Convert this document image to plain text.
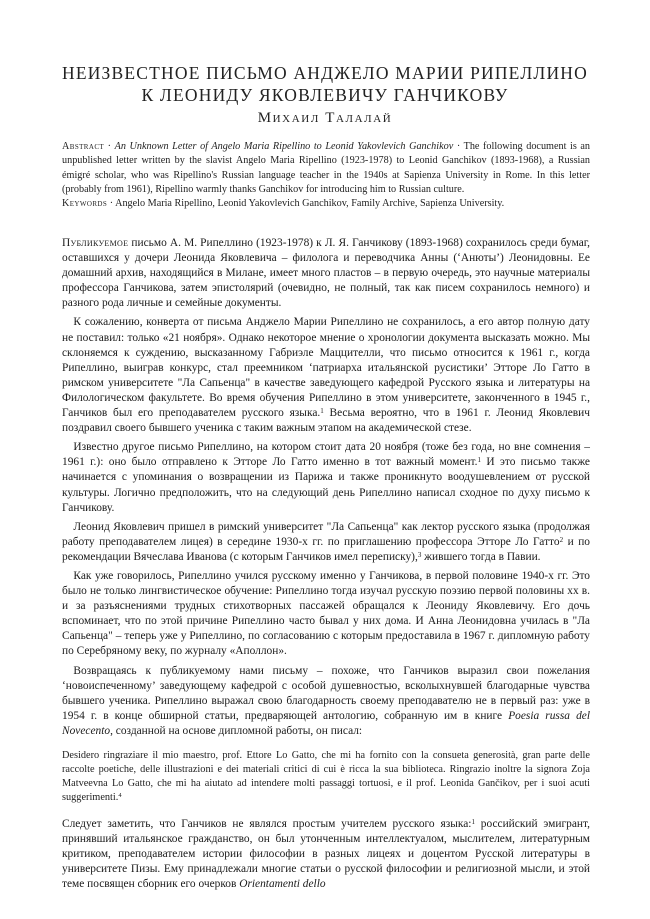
НЕИЗВЕСТНОЕ ПИСЬМО АНДЖЕЛО МАРИИ РИПЕЛЛИНО
К ЛЕОНИДУ ЯКОВЛЕВИЧУ ГАНЧИКОВУ
Михаил Талалай
Abstract · An Unknown Letter of Angelo Maria Ripellino to Leonid Yakovlevich Ganchikov · The following document is an unpublished letter written by the slavist Angelo Maria Ripellino (1923-1978) to Leonid Ganchikov (1893-1968), a Russian émigré scholar, who was Ripellino's Russian language teacher in the 1940s at Sapienza University in Rome. In this letter (probably from 1961), Ripellino warmly thanks Ganchikov for introducing him to Russian culture.
Keywords · Angelo Maria Ripellino, Leonid Yakovlevich Ganchikov, Family Archive, Sapienza University.

Публикуемое письмо А. М. Рипеллино (1923-1978) к Л. Я. Ганчикову (1893-1968) сохранилось среди бумаг, оставшихся у дочери Леонида Яковлевича – филолога и переводчика Анны (‘Анюты’) Леонидовны. Ее домашний архив, находящийся в Милане, имеет много пластов – в первую очередь, это научные материалы профессора Ганчикова, затем эпистолярий (очевидно, не полный, так как писем сохранилось немного) и разного рода личные и семейные документы.

 К сожалению, конверта от письма Анджело Марии Рипеллино не сохранилось, а его автор полную дату не поставил: только «21 ноября». Однако некоторое мнение о хронологии документа высказать можно. Мы склоняемся к суждению, высказанному Габриэле Маццителли, что письмо относится к 1961 г., когда Рипеллино, выиграв конкурс, стал преемником ‘патриарха итальянской русистики’ Этторе Ло Гатто в римском университете "Ла Сапьенца" в качестве заведующего кафедрой Русского языка и литературы на Филологическом факультете. Во время обучения Рипеллино в этом университете, законченного в 1945 г., Ганчиков был его преподавателем русского языка.$^1$ Весьма вероятно, что в 1961 г. Леонид Яковлевич поздравил своего бывшего ученика с таким важным этапом на академической стезе.

 Известно другое письмо Рипеллино, на котором стоит дата 20 ноября (тоже без года, но вне сомнения – 1961 г.): оно было отправлено к Этторе Ло Гатто именно в тот важный момент.$^1$ И это письмо также начинается с упоминания о возвращении из Парижа и также проникнуто воодушевлением от русской культуры. Логично предположить, что на следующий день Рипеллино написал сходное по духу письмо к Ганчикову.

 Леонид Яковлевич пришел в римский университет "Ла Сапьенца" как лектор русского языка (продолжая работу преподавателем лицея) в середине 1930-х гг. по приглашению профессора Этторе Ло Гатто$^2$ и по рекомендации Вячеслава Иванова (с которым Ганчиков имел переписку),$^3$ жившего тогда в Павии.

 Как уже говорилось, Рипеллино учился русскому именно у Ганчикова, в первой половине 1940-х гг. Это было не только лингвистическое обучение: Рипеллино тогда изучал русскую поэзию первой половины xx в. и за разъяснениями трудных стихотворных пассажей обращался к Леониду Яковлевичу. Его дочь вспоминает, что по этой причине Рипеллино часто бывал у них дома. И Анна Леонидовна училась в "Ла Сапьенца" – теперь уже у Рипеллино, по согласованию с которым предоставила в 1967 г. дипломную работу по Серебряному веку, по журналу «Аполлон».

 Возвращаясь к публикуемому нами письму – похоже, что Ганчиков выразил свои пожелания ‘новоиспеченному’ заведующему кафедрой с особой душевностью, всколыхнувшей благодарные чувства бывшего ученика. Рипеллино выражал свою благодарность своему преподавателю не в первый раз: уже в 1954 г. в конце обширной статьи, предваряющей антологию, собранную им в книге Poesia russa del Novecento, созданной на основе дипломной работы, он писал:

Desidero ringraziare il mio maestro, prof. Ettore Lo Gatto, che mi ha fornito con la consueta generosità, gran parte delle raccolte poetiche, delle illustrazioni e dei materiali critici di cui è ricca la sua biblioteca. Ringrazio inoltre la signora Zoja Matveevna Lo Gatto, che mi ha aiutato ad intendere molti passaggi tortuosi, e il prof. Leonida Gančikov, per i suoi acuti suggerimenti.$^4$

Следует заметить, что Ганчиков не являлся простым учителем русского языка:$^1$ российский эмигрант, принявший итальянское гражданство, он был утонченным интеллектуалом, мыслителем, литературным критиком, преподавателем истории философии в разных лицеях и доцентом Русской литературы в университете Пизы. Ему принадлежали многие статьи о русской философии и религиозной мысли, и этой теме посвящен сборник его очерков Orientamenti dello
